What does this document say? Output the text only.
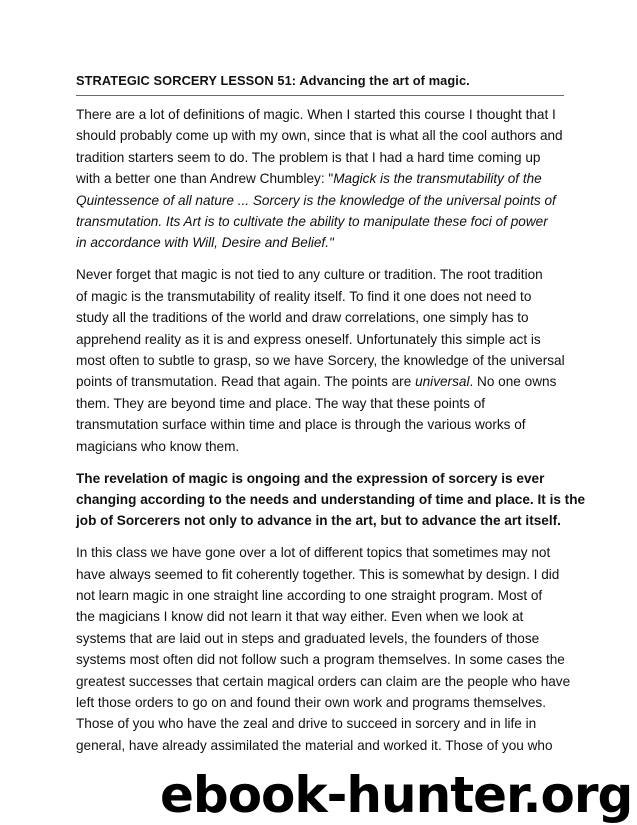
STRATEGIC SORCERY LESSON 51: Advancing the art of magic.

There are a lot of definitions of magic. When I started this course I thought that I
should probably come up with my own, since that is what all the cool authors and
tradition starters seem to do. The problem is that I had a hard time coming up
with a better one than Andrew Chumbley: "Magick is the transmutability of the
Quintessence of all nature ... Sorcery is the knowledge of the universal points of
transmutation. Its Art is to cultivate the ability to manipulate these foci of power
in accordance with Will, Desire and Belief."

Never forget that magic is not tied to any culture or tradition. The root tradition
of magic is the transmutability of reality itself. To find it one does not need to
study all the traditions of the world and draw correlations, one simply has to
apprehend reality as it is and express oneself. Unfortunately this simple act is
most often to subtle to grasp, so we have Sorcery, the knowledge of the universal
points of transmutation. Read that again. The points are universal. No one owns
them. They are beyond time and place. The way that these points of
transmutation surface within time and place is through the various works of
magicians who know them.

The revelation of magic is ongoing and the expression of sorcery is ever
changing according to the needs and understanding of time and place. It is the
job of Sorcerers not only to advance in the art, but to advance the art itself.

In this class we have gone over a lot of different topics that sometimes may not
have always seemed to fit coherently together. This is somewhat by design. I did
not learn magic in one straight line according to one straight program. Most of
the magicians I know did not learn it that way either. Even when we look at
systems that are laid out in steps and graduated levels, the founders of those
systems most often did not follow such a program themselves. In some cases the
greatest successes that certain magical orders can claim are the people who have
left those orders to go on and found their own work and programs themselves.
Those of you who have the zeal and drive to succeed in sorcery and in life in
general, have already assimilated the material and worked it. Those of you who

ebook-hunter.org
